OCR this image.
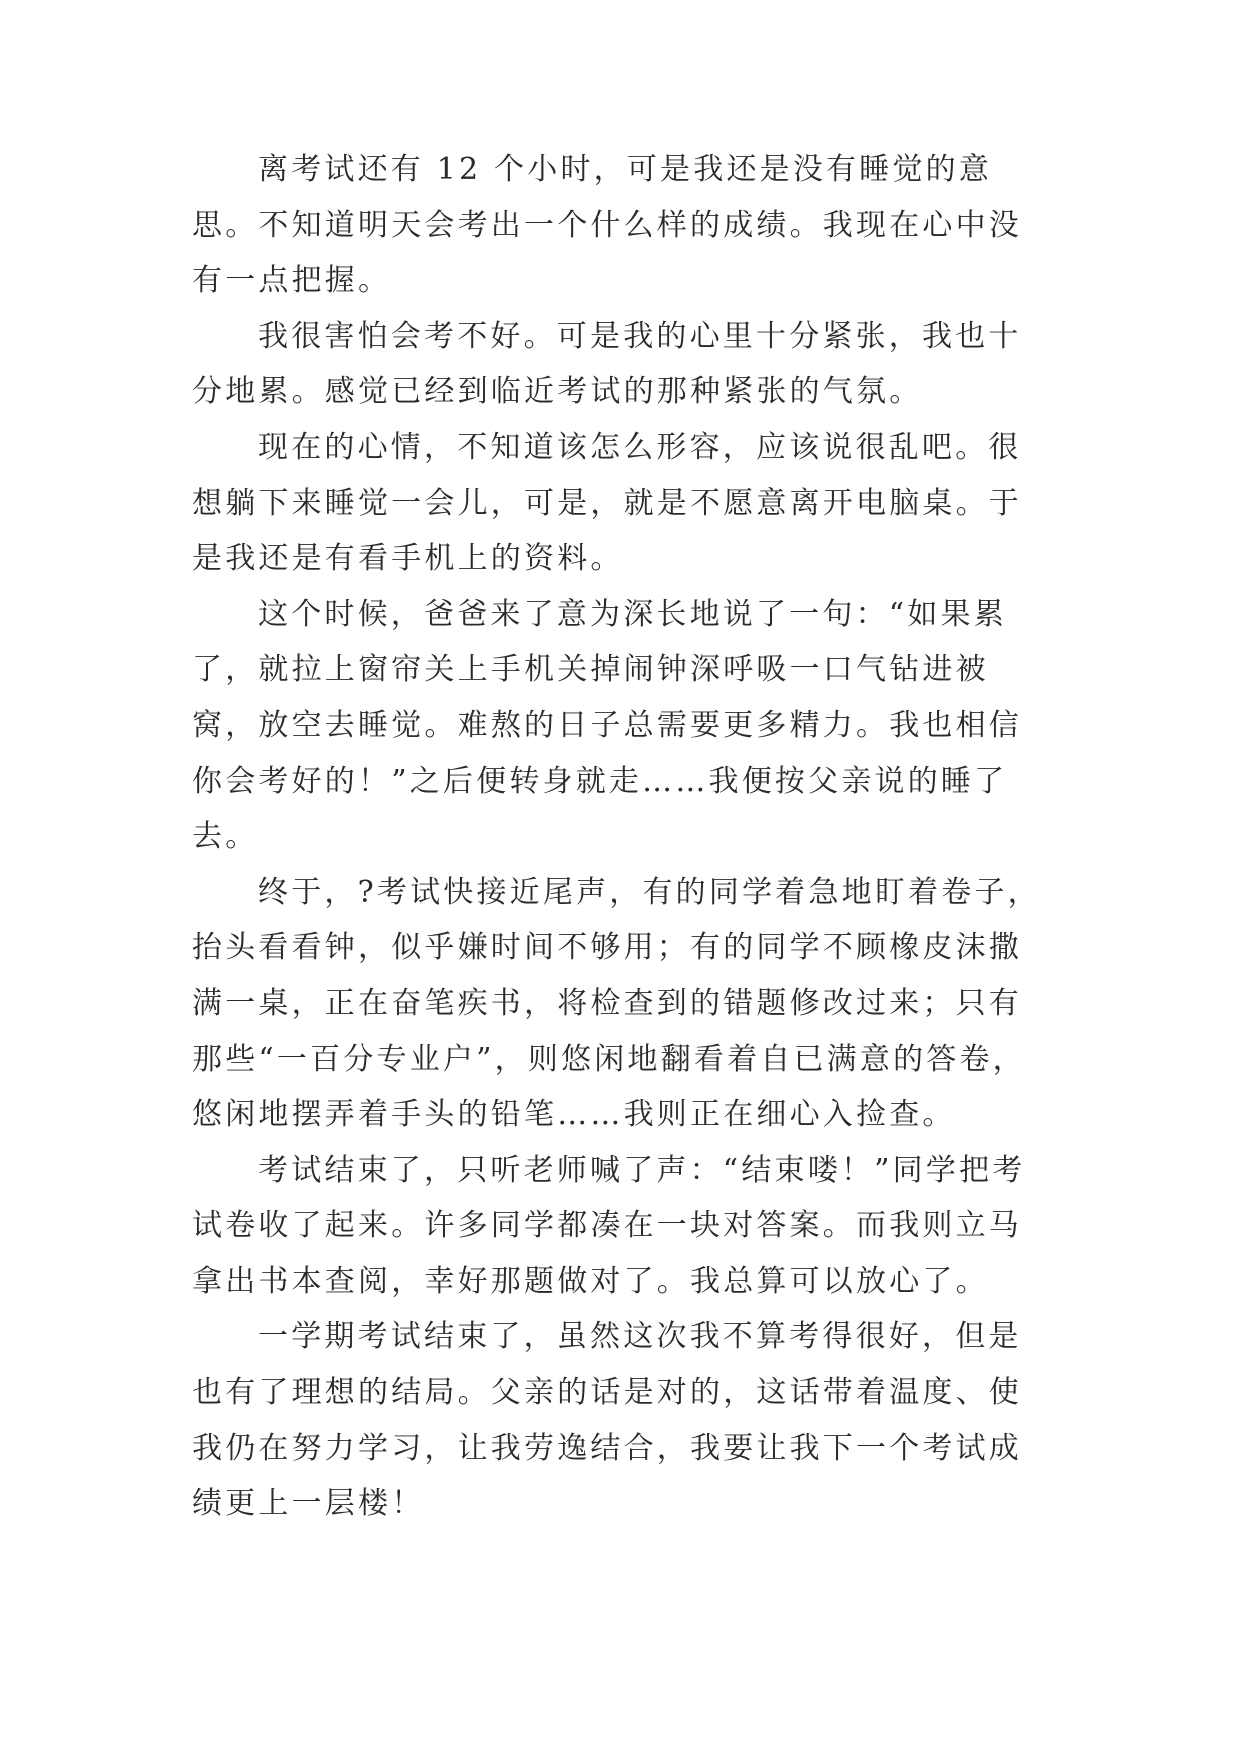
离考试还有 12 个小时，可是我还是没有睡觉的意思。不知道明天会考出一个什么样的成绩。我现在心中没有一点把握。

我很害怕会考不好。可是我的心里十分紧张，我也十分地累。感觉已经到临近考试的那种紧张的气氛。

现在的心情，不知道该怎么形容，应该说很乱吧。很想躺下来睡觉一会儿，可是，就是不愿意离开电脑桌。于是我还是有看手机上的资料。

这个时候，爸爸来了意为深长地说了一句：“如果累了，就拉上窗帘关上手机关掉闹钟深呼吸一口气钻进被窝，放空去睡觉。难熬的日子总需要更多精力。我也相信你会考好的！”之后便转身就走……我便按父亲说的睡了去。

终于，?考试快接近尾声，有的同学着急地盯着卷子，抬头看看钟，似乎嫌时间不够用；有的同学不顾橡皮沫撒满一桌，正在奋笔疾书，将检查到的错题修改过来；只有那些“一百分专业户”，则悠闲地翻看着自已满意的答卷，悠闲地摆弄着手头的铅笔……我则正在细心入捡查。

考试结束了，只听老师喊了声：“结束喽！”同学把考试卷收了起来。许多同学都凑在一块对答案。而我则立马拿出书本查阅，幸好那题做对了。我总算可以放心了。

一学期考试结束了，虽然这次我不算考得很好，但是也有了理想的结局。父亲的话是对的，这话带着温度、使我仍在努力学习，让我劳逸结合，我要让我下一个考试成绩更上一层楼！
